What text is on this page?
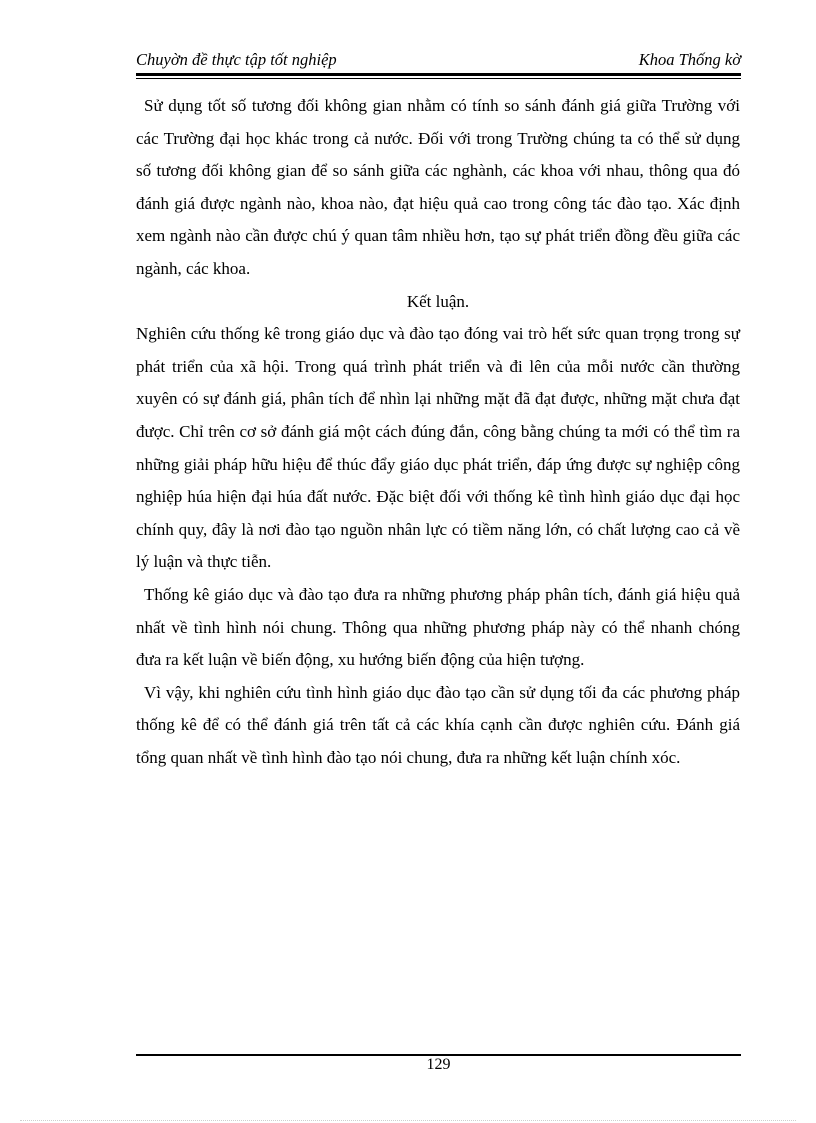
Chuyờn đề thực tập tốt nghiệp	Khoa Thống kờ

Sử dụng tốt số tương đối không gian nhằm có tính so sánh đánh giá giữa Trường với các Trường đại học khác trong cả nước. Đối với trong Trường chúng ta có thể sử dụng số tương đối không gian để so sánh giữa các nghành, các khoa với nhau, thông qua đó đánh giá được ngành nào, khoa nào, đạt hiệu quả cao trong công tác đào tạo. Xác định xem ngành nào cần được chú ý quan tâm nhiều hơn, tạo sự phát triển đồng đều giữa các ngành, các khoa.

Kết luận.

Nghiên cứu thống kê trong giáo dục và đào tạo đóng vai trò hết sức quan trọng trong sự phát triển của xã hội. Trong quá trình phát triển và đi lên của mỗi nước cần thường xuyên có sự đánh giá, phân tích để nhìn lại những mặt đã đạt được, những mặt chưa đạt được. Chỉ trên cơ sở đánh giá một cách đúng đắn, công bằng chúng ta mới có thể tìm ra những giải pháp hữu hiệu để thúc đẩy giáo dục phát triển, đáp ứng được sự nghiệp công nghiệp húa hiện đại húa đất nước. Đặc biệt đối với thống kê tình hình giáo dục đại học chính quy, đây là nơi đào tạo nguồn nhân lực có tiềm năng lớn, có chất lượng cao cả về lý luận và thực tiễn.

Thống kê giáo dục và đào tạo đưa ra những phương pháp phân tích, đánh giá hiệu quả nhất về tình hình nói chung. Thông qua những phương pháp này có thể nhanh chóng đưa ra kết luận về biến động, xu hướng biến động của hiện tượng.

Vì vậy, khi nghiên cứu tình hình giáo dục đào tạo cần sử dụng tối đa các phương pháp thống kê để có thể đánh giá trên tất cả các khía cạnh cần được nghiên cứu. Đánh giá tổng quan nhất về tình hình đào tạo nói chung, đưa ra những kết luận chính xóc.

129
